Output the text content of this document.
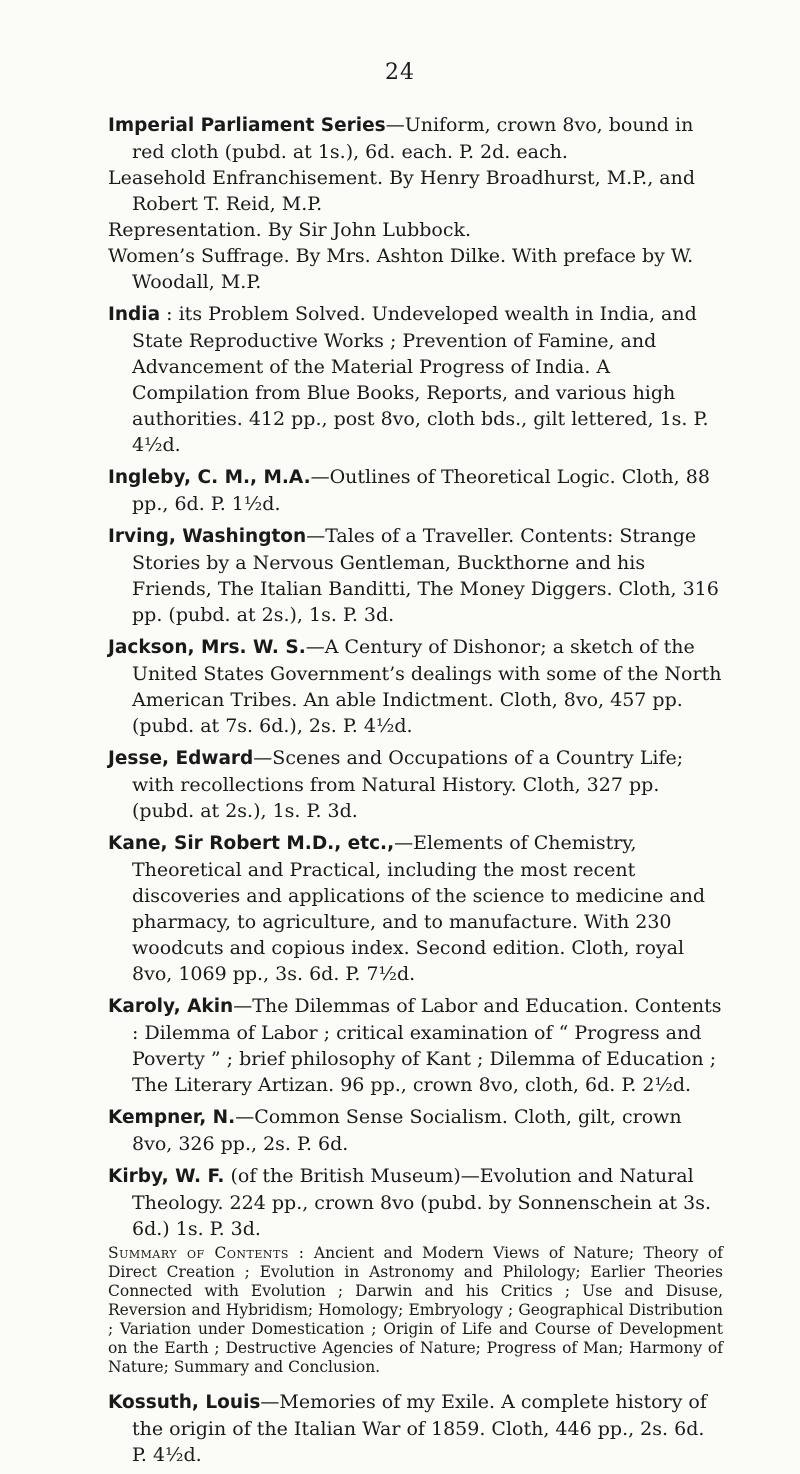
24

Imperial Parliament Series—Uniform, crown 8vo, bound in red cloth (pubd. at 1s.), 6d. each. P. 2d. each.
Leasehold Enfranchisement. By Henry Broadhurst, M.P., and Robert T. Reid, M.P.
Representation. By Sir John Lubbock.
Women’s Suffrage. By Mrs. Ashton Dilke. With preface by W. Woodall, M.P.

India : its Problem Solved. Undeveloped wealth in India, and State Reproductive Works ; Prevention of Famine, and Advancement of the Material Progress of India. A Compilation from Blue Books, Reports, and various high authorities. 412 pp., post 8vo, cloth bds., gilt lettered, 1s. P. 4½d.

Ingleby, C. M., M.A.—Outlines of Theoretical Logic. Cloth, 88 pp., 6d. P. 1½d.

Irving, Washington—Tales of a Traveller. Contents: Strange Stories by a Nervous Gentleman, Buckthorne and his Friends, The Italian Banditti, The Money Diggers. Cloth, 316 pp. (pubd. at 2s.), 1s. P. 3d.

Jackson, Mrs. W. S.—A Century of Dishonor; a sketch of the United States Government’s dealings with some of the North American Tribes. An able Indictment. Cloth, 8vo, 457 pp. (pubd. at 7s. 6d.), 2s. P. 4½d.

Jesse, Edward—Scenes and Occupations of a Country Life; with recollections from Natural History. Cloth, 327 pp. (pubd. at 2s.), 1s. P. 3d.

Kane, Sir Robert M.D., etc.,—Elements of Chemistry, Theoretical and Practical, including the most recent discoveries and applications of the science to medicine and pharmacy, to agriculture, and to manufacture. With 230 woodcuts and copious index. Second edition. Cloth, royal 8vo, 1069 pp., 3s. 6d. P. 7½d.

Karoly, Akin—The Dilemmas of Labor and Education. Contents : Dilemma of Labor ; critical examination of “ Progress and Poverty ” ; brief philosophy of Kant ; Dilemma of Education ; The Literary Artizan. 96 pp., crown 8vo, cloth, 6d. P. 2½d.

Kempner, N.—Common Sense Socialism. Cloth, gilt, crown 8vo, 326 pp., 2s. P. 6d.

Kirby, W. F. (of the British Museum)—Evolution and Natural Theology. 224 pp., crown 8vo (pubd. by Sonnenschein at 3s. 6d.) 1s. P. 3d.

Summary of Contents : Ancient and Modern Views of Nature; Theory of Direct Creation ; Evolution in Astronomy and Philology; Earlier Theories Connected with Evolution ; Darwin and his Critics ; Use and Disuse, Reversion and Hybridism; Homology; Embryology ; Geographical Distribution ; Variation under Domestication ; Origin of Life and Course of Development on the Earth ; Destructive Agencies of Nature; Progress of Man; Harmony of Nature; Summary and Conclusion.

Kossuth, Louis—Memories of my Exile. A complete history of the origin of the Italian War of 1859. Cloth, 446 pp., 2s. 6d. P. 4½d.
